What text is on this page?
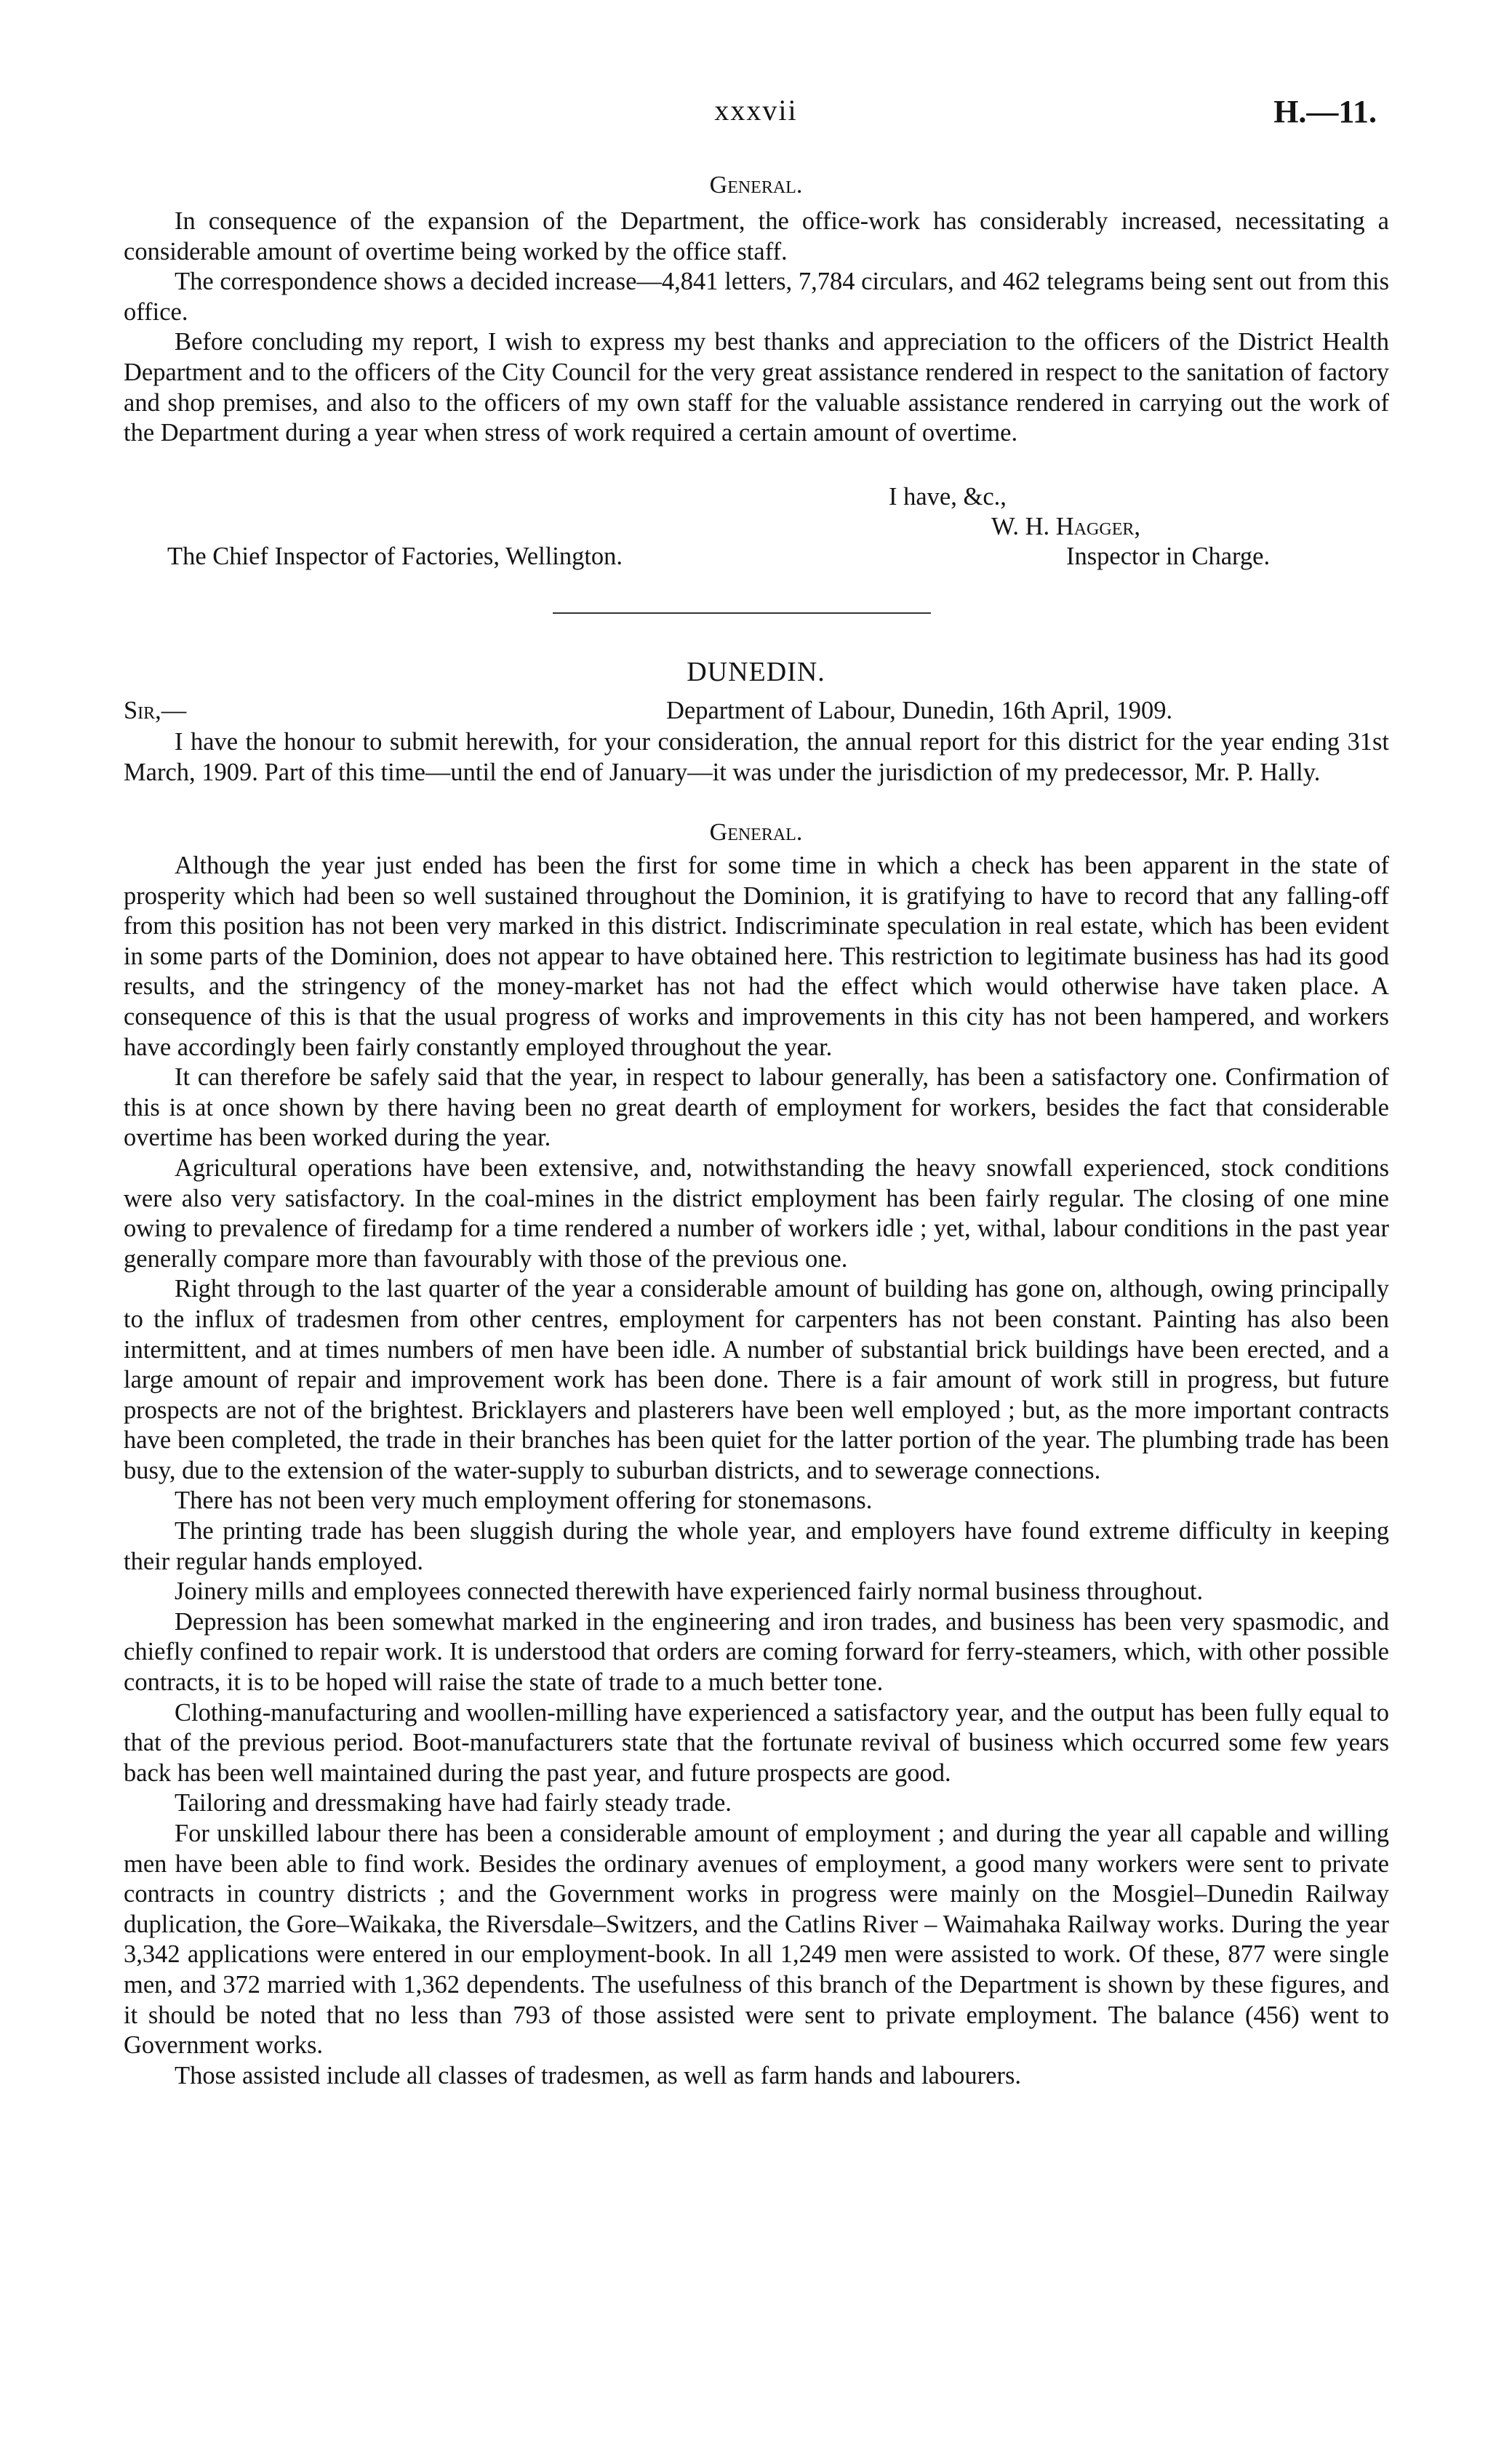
xxxvii	H.—11.
General.

In consequence of the expansion of the Department, the office-work has considerably increased, necessitating a considerable amount of overtime being worked by the office staff.

The correspondence shows a decided increase—4,841 letters, 7,784 circulars, and 462 telegrams being sent out from this office.

Before concluding my report, I wish to express my best thanks and appreciation to the officers of the District Health Department and to the officers of the City Council for the very great assistance rendered in respect to the sanitation of factory and shop premises, and also to the officers of my own staff for the valuable assistance rendered in carrying out the work of the Department during a year when stress of work required a certain amount of overtime.

I have, &c.,
W. H. Hagger,
The Chief Inspector of Factories, Wellington.	Inspector in Charge.
DUNEDIN.
Sir,—	Department of Labour, Dunedin, 16th April, 1909.

I have the honour to submit herewith, for your consideration, the annual report for this district for the year ending 31st March, 1909. Part of this time—until the end of January—it was under the jurisdiction of my predecessor, Mr. P. Hally.

General.

Although the year just ended has been the first for some time in which a check has been apparent in the state of prosperity which had been so well sustained throughout the Dominion, it is gratifying to have to record that any falling-off from this position has not been very marked in this district. Indiscriminate speculation in real estate, which has been evident in some parts of the Dominion, does not appear to have obtained here. This restriction to legitimate business has had its good results, and the stringency of the money-market has not had the effect which would otherwise have taken place. A consequence of this is that the usual progress of works and improvements in this city has not been hampered, and workers have accordingly been fairly constantly employed throughout the year.

It can therefore be safely said that the year, in respect to labour generally, has been a satisfactory one. Confirmation of this is at once shown by there having been no great dearth of employment for workers, besides the fact that considerable overtime has been worked during the year.

Agricultural operations have been extensive, and, notwithstanding the heavy snowfall experienced, stock conditions were also very satisfactory. In the coal-mines in the district employment has been fairly regular. The closing of one mine owing to prevalence of firedamp for a time rendered a number of workers idle ; yet, withal, labour conditions in the past year generally compare more than favourably with those of the previous one.

Right through to the last quarter of the year a considerable amount of building has gone on, although, owing principally to the influx of tradesmen from other centres, employment for carpenters has not been constant. Painting has also been intermittent, and at times numbers of men have been idle. A number of substantial brick buildings have been erected, and a large amount of repair and improvement work has been done. There is a fair amount of work still in progress, but future prospects are not of the brightest. Bricklayers and plasterers have been well employed ; but, as the more important contracts have been completed, the trade in their branches has been quiet for the latter portion of the year. The plumbing trade has been busy, due to the extension of the water-supply to suburban districts, and to sewerage connections.

There has not been very much employment offering for stonemasons.

The printing trade has been sluggish during the whole year, and employers have found extreme difficulty in keeping their regular hands employed.

Joinery mills and employees connected therewith have experienced fairly normal business throughout.

Depression has been somewhat marked in the engineering and iron trades, and business has been very spasmodic, and chiefly confined to repair work. It is understood that orders are coming forward for ferry-steamers, which, with other possible contracts, it is to be hoped will raise the state of trade to a much better tone.

Clothing-manufacturing and woollen-milling have experienced a satisfactory year, and the output has been fully equal to that of the previous period. Boot-manufacturers state that the fortunate revival of business which occurred some few years back has been well maintained during the past year, and future prospects are good.

Tailoring and dressmaking have had fairly steady trade.

For unskilled labour there has been a considerable amount of employment ; and during the year all capable and willing men have been able to find work. Besides the ordinary avenues of employment, a good many workers were sent to private contracts in country districts ; and the Government works in progress were mainly on the Mosgiel–Dunedin Railway duplication, the Gore–Waikaka, the Riversdale–Switzers, and the Catlins River – Waimahaka Railway works. During the year 3,342 applications were entered in our employment-book. In all 1,249 men were assisted to work. Of these, 877 were single men, and 372 married with 1,362 dependents. The usefulness of this branch of the Department is shown by these figures, and it should be noted that no less than 793 of those assisted were sent to private employment. The balance (456) went to Government works.

Those assisted include all classes of tradesmen, as well as farm hands and labourers.
